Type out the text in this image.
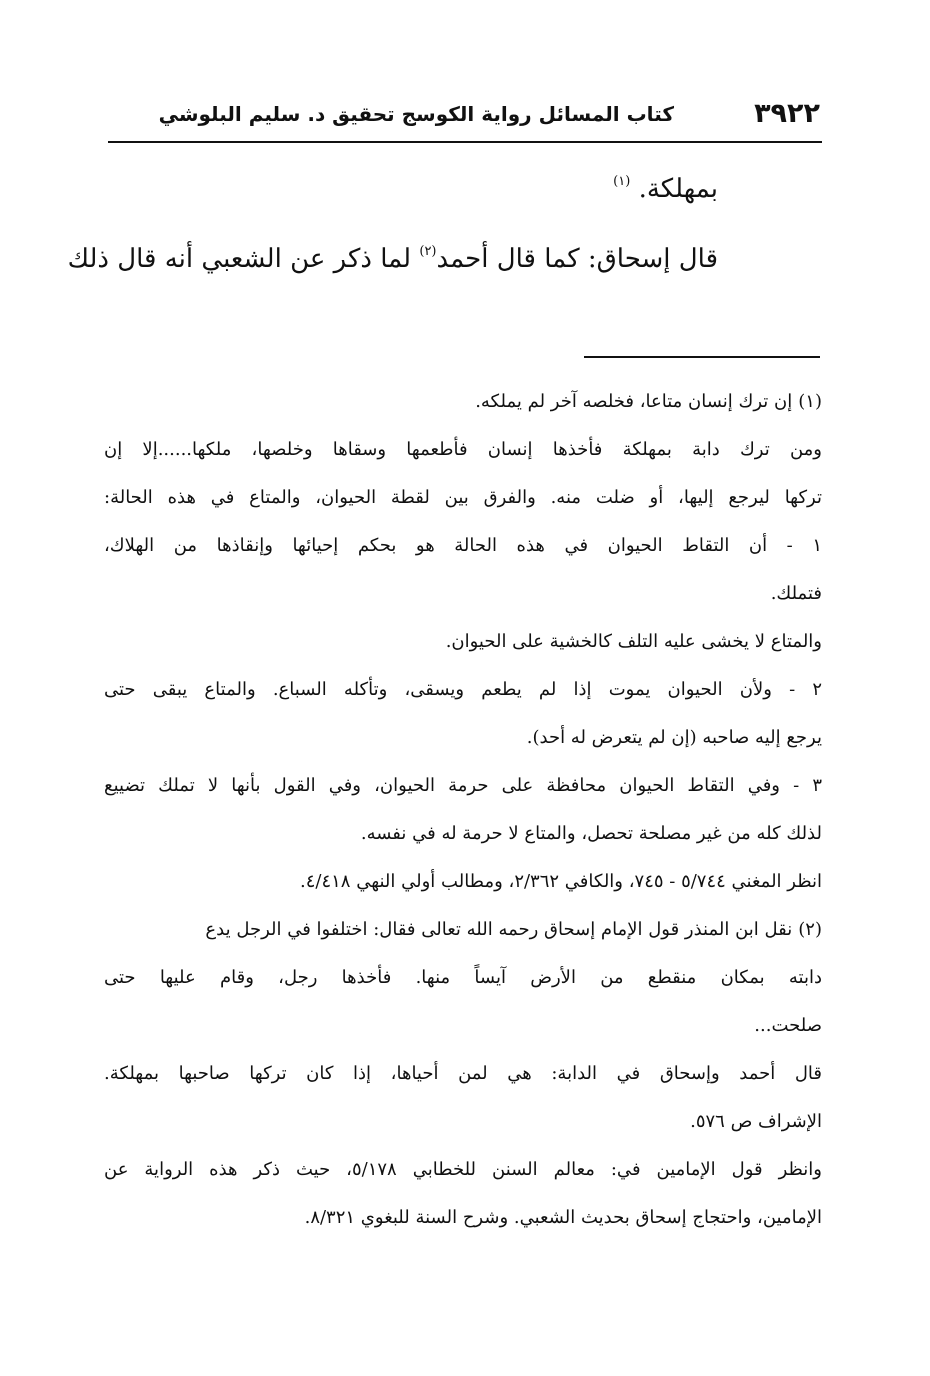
٣٩٢٢
كتاب المسائل رواية الكوسج تحقيق د. سليم البلوشي
بمهلكة. $^{(١)}$
قال إسحاق: كما قال أحمد$^{(٢)}$ لما ذكر عن الشعبي أنه قال ذلك
(١)إن ترك إنسان متاعا، فخلصه آخر لم يملكه.
ومن ترك دابة بمهلكة فأخذها إنسان فأطعمها وسقاها وخلصها، ملكها......إلا إن
تركها ليرجع إليها، أو ضلت منه. والفرق بين لقطة الحيوان، والمتاع في هذه الحالة:
١ - أن التقاط الحيوان في هذه الحالة هو بحكم إحيائها وإنقاذها من الهلاك،
فتملك.
والمتاع لا يخشى عليه التلف كالخشية على الحيوان.
٢ - ولأن الحيوان يموت إذا لم يطعم ويسقى، وتأكله السباع. والمتاع يبقى حتى
يرجع إليه صاحبه (إن لم يتعرض له أحد).
٣ - وفي التقاط الحيوان محافظة على حرمة الحيوان، وفي القول بأنها لا تملك تضييع
لذلك كله من غير مصلحة تحصل، والمتاع لا حرمة له في نفسه.
انظر المغني ٥/٧٤٤ - ٧٤٥، والكافي ٢/٣٦٢، ومطالب أولي النهي ٤/٤١٨.
(٢)نقل ابن المنذر قول الإمام إسحاق رحمه الله تعالى فقال: اختلفوا في الرجل يدع
دابته بمكان منقطع من الأرض آيساً منها. فأخذها رجل، وقام عليها حتى
صلحت...
قال أحمد وإسحاق في الدابة: هي لمن أحياها، إذا كان تركها صاحبها بمهلكة.
الإشراف ص ٥٧٦.
وانظر قول الإمامين في: معالم السنن للخطابي ٥/١٧٨، حيث ذكر هذه الرواية عن
الإمامين، واحتجاج إسحاق بحديث الشعبي. وشرح السنة للبغوي ٨/٣٢١.
